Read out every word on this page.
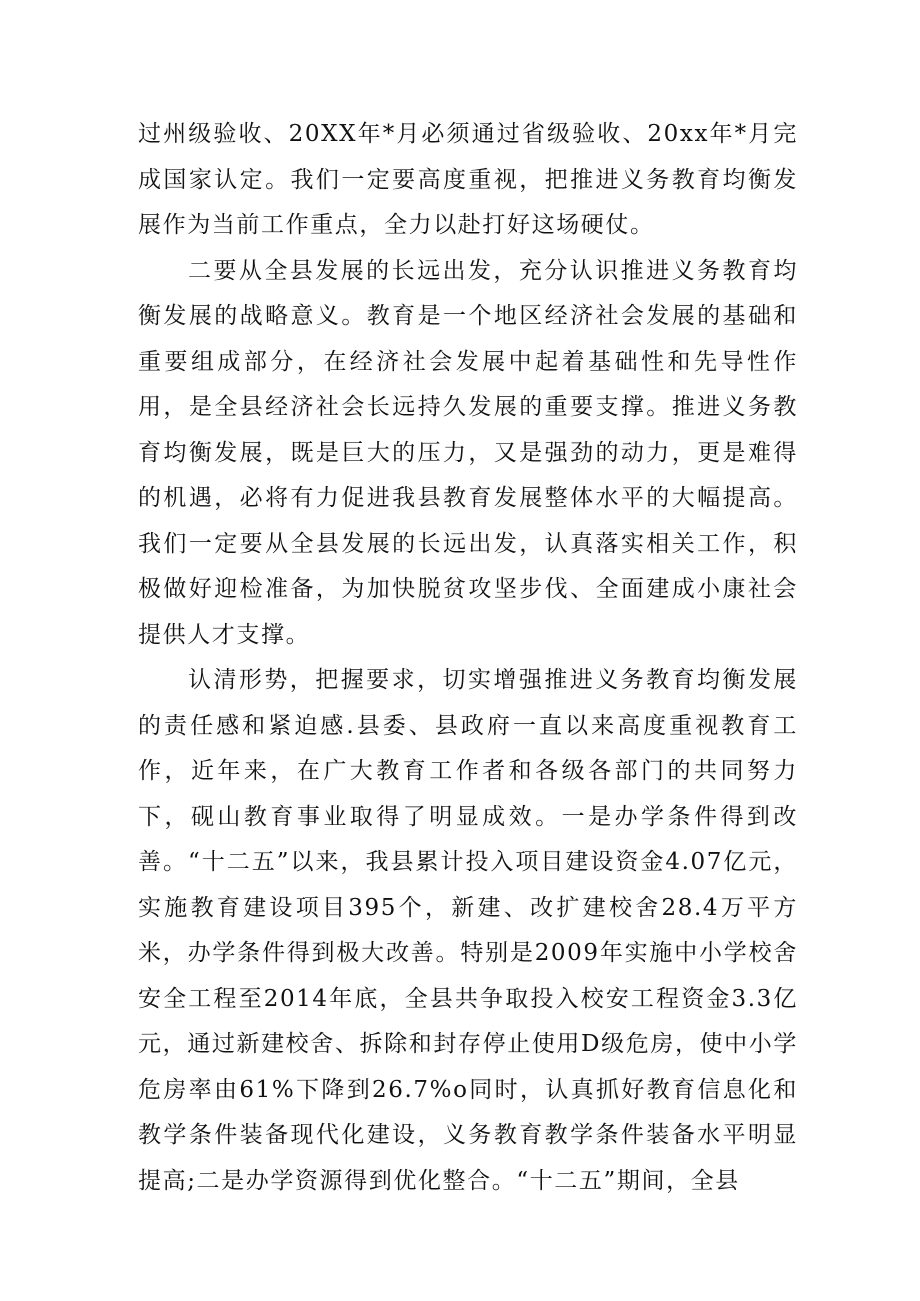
过州级验收、20XX年*月必须通过省级验收、20xx年*月完成国家认定。我们一定要高度重视，把推进义务教育均衡发展作为当前工作重点，全力以赴打好这场硬仗。

二要从全县发展的长远出发，充分认识推进义务教育均衡发展的战略意义。教育是一个地区经济社会发展的基础和重要组成部分，在经济社会发展中起着基础性和先导性作用，是全县经济社会长远持久发展的重要支撑。推进义务教育均衡发展，既是巨大的压力，又是强劲的动力，更是难得的机遇，必将有力促进我县教育发展整体水平的大幅提高。我们一定要从全县发展的长远出发，认真落实相关工作，积极做好迎检准备，为加快脱贫攻坚步伐、全面建成小康社会提供人才支撑。

认清形势，把握要求，切实增强推进义务教育均衡发展的责任感和紧迫感.县委、县政府一直以来高度重视教育工作，近年来，在广大教育工作者和各级各部门的共同努力下，砚山教育事业取得了明显成效。一是办学条件得到改善。“十二五”以来，我县累计投入项目建设资金4.07亿元，实施教育建设项目395个，新建、改扩建校舍28.4万平方米，办学条件得到极大改善。特别是2009年实施中小学校舍安全工程至2014年底，全县共争取投入校安工程资金3.3亿元，通过新建校舍、拆除和封存停止使用D级危房，使中小学危房率由61%下降到26.7%o同时，认真抓好教育信息化和教学条件装备现代化建设，义务教育教学条件装备水平明显提高;二是办学资源得到优化整合。“十二五”期间，全县
